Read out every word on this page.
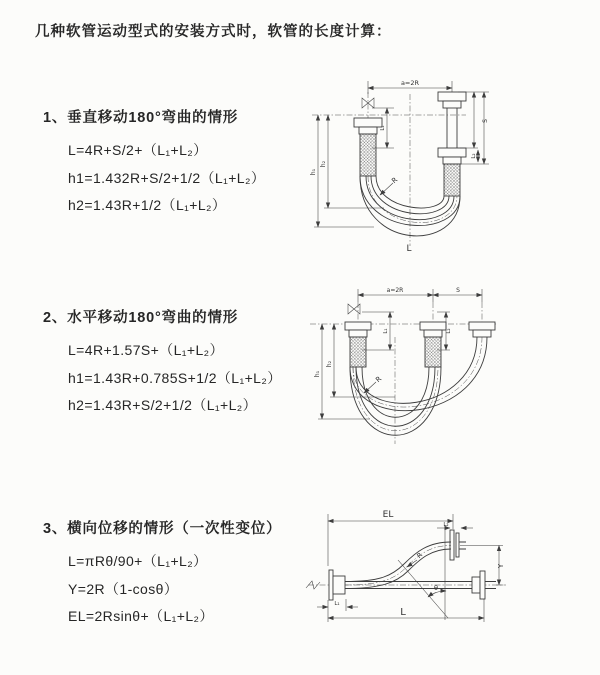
几种软管运动型式的安装方式时，软管的长度计算：
1、垂直移动180°弯曲的情形
L=4R+S/2+（L₁+L₂）
h1=1.432R+S/2+1/2（L₁+L₂）
h2=1.43R+1/2（L₁+L₂）
a=2R
L₁
S
L₂
h₁
h₂
R
L
2、水平移动180°弯曲的情形
L=4R+1.57S+（L₁+L₂）
h1=1.43R+0.785S+1/2（L₁+L₂）
h2=1.43R+S/2+1/2（L₁+L₂）
a=2R	S
L₁	L₂
h₁
h₂
R
3、横向位移的情形（一次性变位）
L=πRθ/90+（L₁+L₂）
Y=2R（1-cosθ）
EL=2Rsinθ+（L₁+L₂）
EL
L₂
θ
R
Y
L₁
L
